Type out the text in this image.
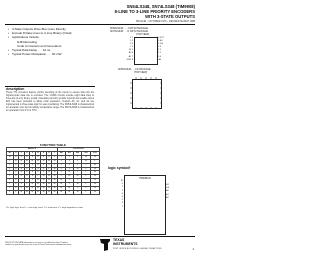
SN54LS348, SN74LS348 (TIM9908)
8-LINE TO 3-LINE PRIORITY ENCODERS
WITH 3-STATE OUTPUTS
SDLS148 – OCTOBER 1976 – REVISED MARCH 1988
• 3-State Outputs Drive Bus Lines Directly
• Encode 8 Data Lines to 3-Line Binary (Octal)
• Applications Include:
N-Bit Encoding
Code Converters and Generators
• Typical Data Delay . . . 10 ns
• Typical Power Dissipation . . . 60 mW
SN54LS348 . . . J OR W PACKAGE
SN74LS348 . . . D OR N PACKAGE
(TOP VIEW)
4 1
5 2
6 3
7 4
EI 5
A2 6
A1 7
GND 8
16 VCC
15 EO
14 GS
13 3
12 2
11 1
10 0
9 A0
SN54LS348 . . . FK PACKAGE
(TOP VIEW)
description
These TTL encoders feature priority decoding of the inputs to ensure that only the highest-order data line is encoded. The 'LS348 circuits encode eight data lines to three-line (4-2-1) binary (octal). Cascading circuitry (enable input EI and enable output EO) has been provided to allow octal expansion. Outputs A0, A1, and A2 are implemented in three-state logic for easy interfacing. The SN54LS348 is characterized for operation over the full military temperature range. The SN74LS348 is characterized for operation from 0°C to 70°C.
FUNCTION TABLE
INPUTS									OUTPUTS				
EI	0	1	2	3	4	5	6	7	A2	A1	A0	GS	EO
H	X	X	X	X	X	X	X	X	Z	Z	Z	H	H
L	H	H	H	H	H	H	H	H	Z	Z	Z	H	L
L	X	X	X	X	X	X	X	L	L	L	L	L	H
L	X	X	X	X	X	X	L	H	L	L	H	L	H
L	X	X	X	X	X	L	H	H	L	H	L	L	H
L	X	X	X	X	L	H	H	H	L	H	H	L	H
L	X	X	X	L	H	H	H	H	H	L	L	L	H
L	X	X	L	H	H	H	H	H	H	L	H	L	H
L	X	L	H	H	H	H	H	H	H	H	L	L	H
L	L	H	H	H	H	H	H	H	H	H	H	L	H
H = high logic level, L = low logic level, X = irrelevant, Z = high-impedance state
logic symbol†
HPRI/BCD
EI
0
1
2
3
4
5
6
7
EO
GS
A0
A1
A2
PRODUCTION DATA information is current as of publication date. Products conform to specifications per the terms of Texas Instruments standard warranty.
TEXAS
INSTRUMENTS
POST OFFICE BOX 655303 • DALLAS, TEXAS 75265	1
